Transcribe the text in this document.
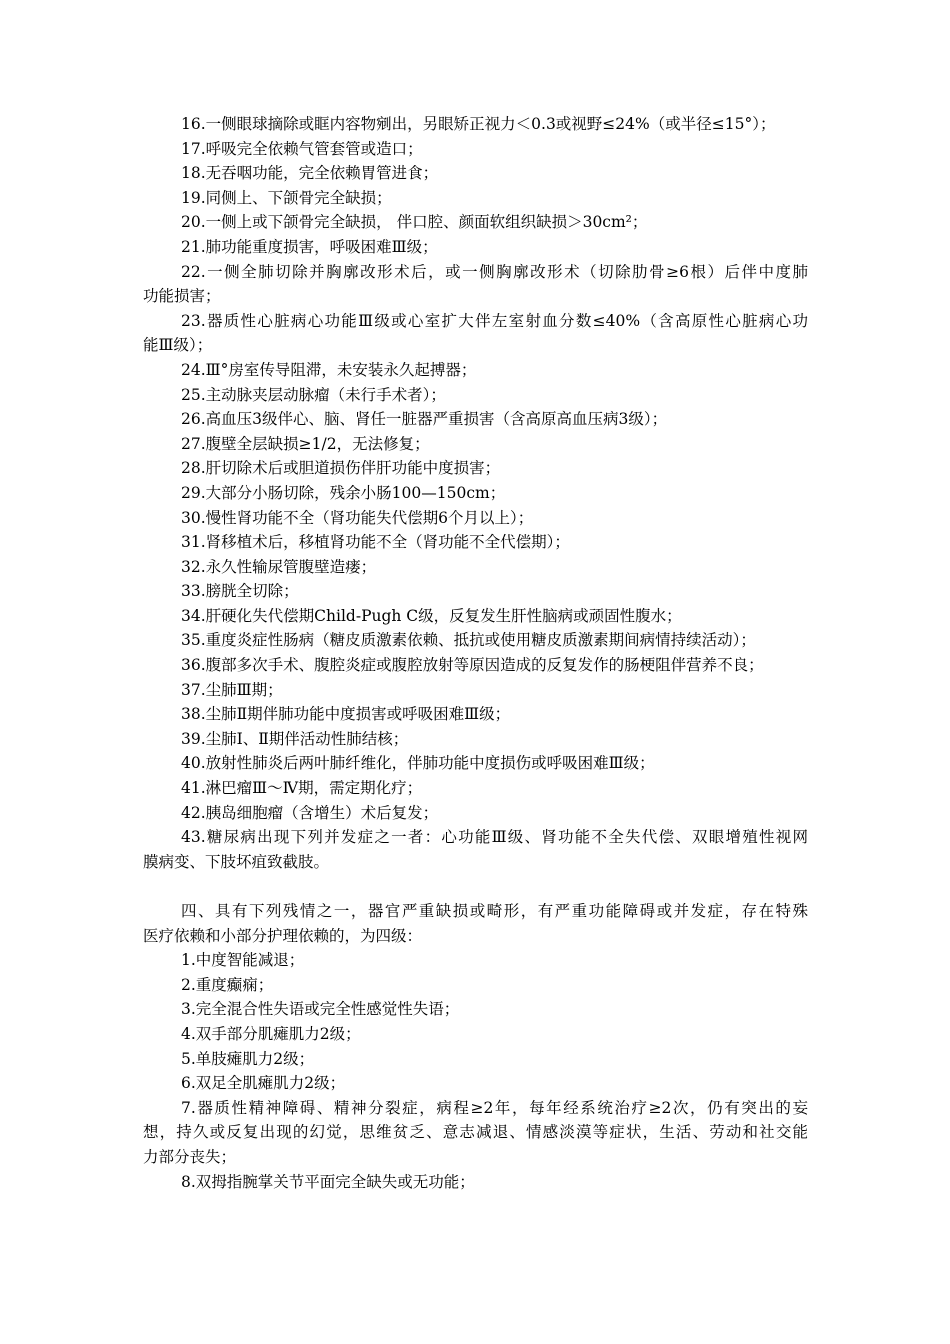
16.一侧眼球摘除或眶内容物剜出，另眼矫正视力＜0.3或视野≤24%（或半径≤15°）；
17.呼吸完全依赖气管套管或造口；
18.无吞咽功能，完全依赖胃管进食；
19.同侧上、下颌骨完全缺损；
20.一侧上或下颌骨完全缺损， 伴口腔、颜面软组织缺损＞30cm²；
21.肺功能重度损害，呼吸困难Ⅲ级；
22.一侧全肺切除并胸廓改形术后，或一侧胸廓改形术（切除肋骨≥6根）后伴中度肺
功能损害；
23.器质性心脏病心功能Ⅲ级或心室扩大伴左室射血分数≤40%（含高原性心脏病心功
能Ⅲ级）；
24.Ⅲ°房室传导阻滞，未安装永久起搏器；
25.主动脉夹层动脉瘤（未行手术者）；
26.高血压3级伴心、脑、肾任一脏器严重损害（含高原高血压病3级）；
27.腹壁全层缺损≥1/2，无法修复；
28.肝切除术后或胆道损伤伴肝功能中度损害；
29.大部分小肠切除，残余小肠100—150cm；
30.慢性肾功能不全（肾功能失代偿期6个月以上）；
31.肾移植术后，移植肾功能不全（肾功能不全代偿期）；
32.永久性输尿管腹壁造瘘；
33.膀胱全切除；
34.肝硬化失代偿期Child-Pugh C级，反复发生肝性脑病或顽固性腹水；
35.重度炎症性肠病（糖皮质激素依赖、抵抗或使用糖皮质激素期间病情持续活动）；
36.腹部多次手术、腹腔炎症或腹腔放射等原因造成的反复发作的肠梗阻伴营养不良；
37.尘肺Ⅲ期；
38.尘肺Ⅱ期伴肺功能中度损害或呼吸困难Ⅲ级；
39.尘肺Ⅰ、Ⅱ期伴活动性肺结核；
40.放射性肺炎后两叶肺纤维化，伴肺功能中度损伤或呼吸困难Ⅲ级；
41.淋巴瘤Ⅲ～Ⅳ期，需定期化疗；
42.胰岛细胞瘤（含增生）术后复发；
43.糖尿病出现下列并发症之一者：心功能Ⅲ级、肾功能不全失代偿、双眼增殖性视网
膜病变、下肢坏疽致截肢。
四、具有下列残情之一，器官严重缺损或畸形，有严重功能障碍或并发症，存在特殊
医疗依赖和小部分护理依赖的，为四级：
1.中度智能减退；
2.重度癫痫；
3.完全混合性失语或完全性感觉性失语；
4.双手部分肌瘫肌力2级；
5.单肢瘫肌力2级；
6.双足全肌瘫肌力2级；
7.器质性精神障碍、精神分裂症，病程≥2年，每年经系统治疗≥2次，仍有突出的妄
想，持久或反复出现的幻觉，思维贫乏、意志减退、情感淡漠等症状，生活、劳动和社交能
力部分丧失；
8.双拇指腕掌关节平面完全缺失或无功能；
